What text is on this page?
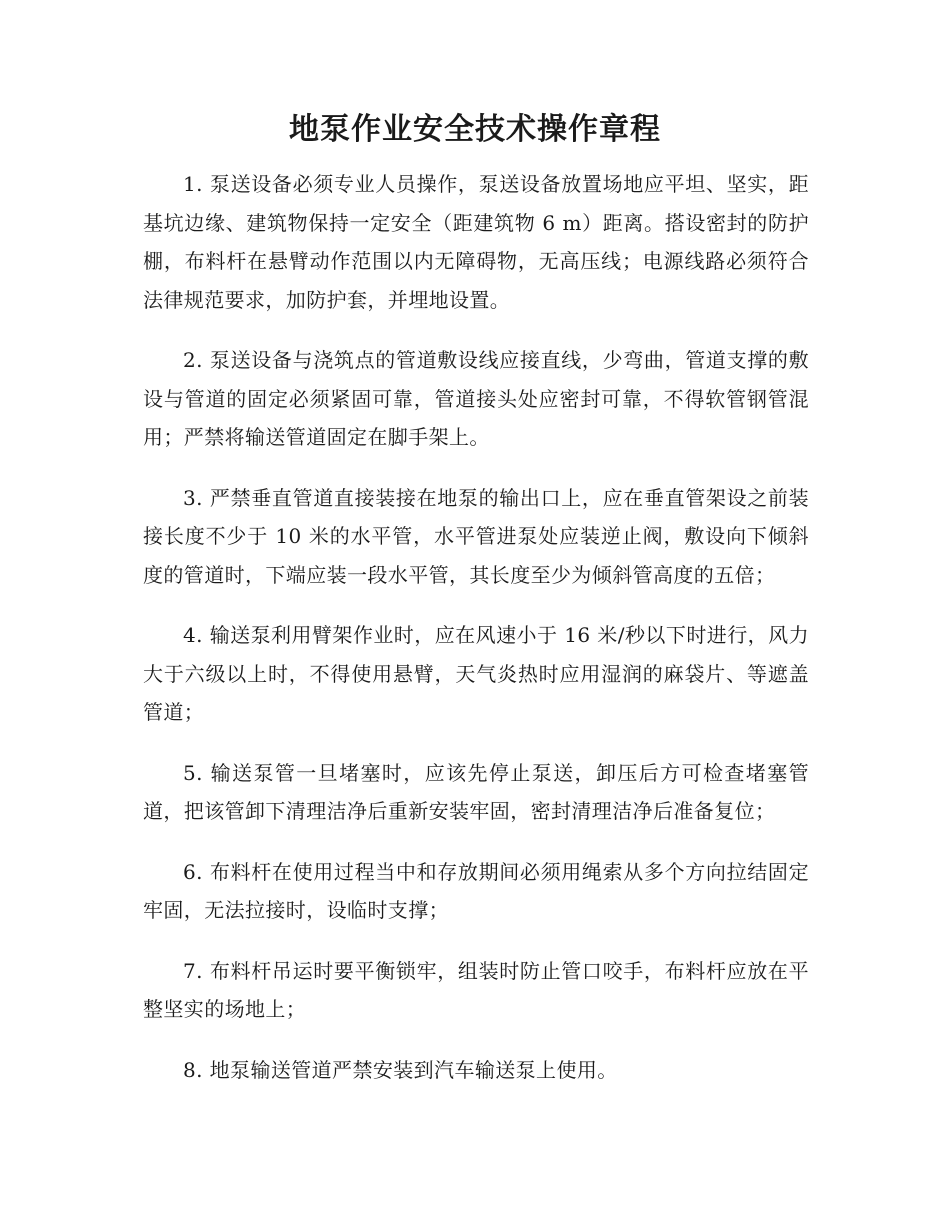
地泵作业安全技术操作章程

1. 泵送设备必须专业人员操作，泵送设备放置场地应平坦、坚实，距基坑边缘、建筑物保持一定安全（距建筑物 6 m）距离。搭设密封的防护棚，布料杆在悬臂动作范围以内无障碍物，无高压线；电源线路必须符合法律规范要求，加防护套，并埋地设置。

2. 泵送设备与浇筑点的管道敷设线应接直线，少弯曲，管道支撑的敷设与管道的固定必须紧固可靠，管道接头处应密封可靠，不得软管钢管混用；严禁将输送管道固定在脚手架上。

3. 严禁垂直管道直接装接在地泵的输出口上，应在垂直管架设之前装接长度不少于 10 米的水平管，水平管进泵处应装逆止阀，敷设向下倾斜度的管道时，下端应装一段水平管，其长度至少为倾斜管高度的五倍；

4. 输送泵利用臂架作业时，应在风速小于 16 米/秒以下时进行，风力大于六级以上时，不得使用悬臂，天气炎热时应用湿润的麻袋片、等遮盖管道；

5. 输送泵管一旦堵塞时，应该先停止泵送，卸压后方可检查堵塞管道，把该管卸下清理洁净后重新安装牢固，密封清理洁净后准备复位；

6. 布料杆在使用过程当中和存放期间必须用绳索从多个方向拉结固定牢固，无法拉接时，设临时支撑；

7. 布料杆吊运时要平衡锁牢，组装时防止管口咬手，布料杆应放在平整坚实的场地上；

8. 地泵输送管道严禁安装到汽车输送泵上使用。
